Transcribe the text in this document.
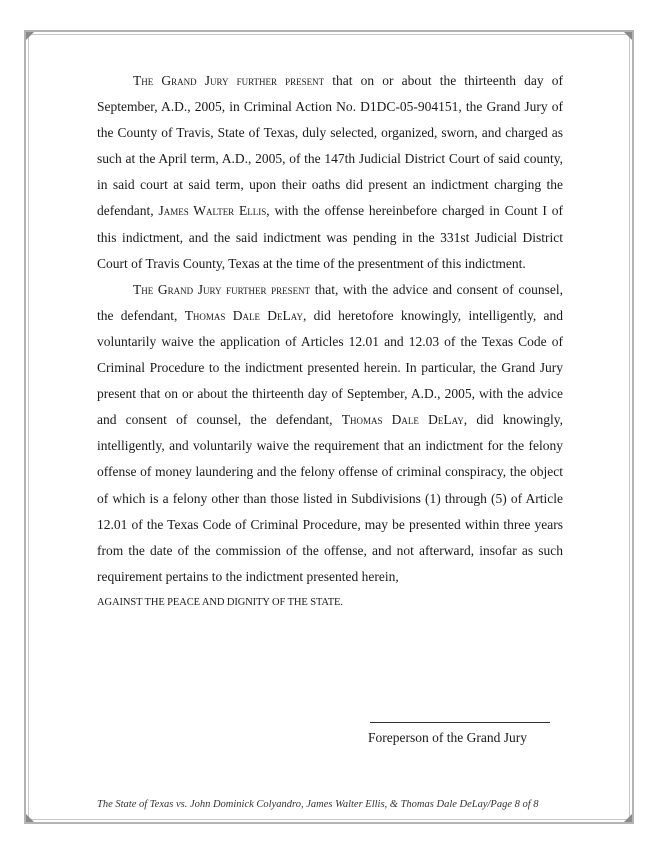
The Grand Jury further present that on or about the thirteenth day of September, A.D., 2005, in Criminal Action No. D1DC-05-904151, the Grand Jury of the County of Travis, State of Texas, duly selected, organized, sworn, and charged as such at the April term, A.D., 2005, of the 147th Judicial District Court of said county, in said court at said term, upon their oaths did present an indictment charging the defendant, James Walter Ellis, with the offense hereinbefore charged in Count I of this indictment, and the said indictment was pending in the 331st Judicial District Court of Travis County, Texas at the time of the presentment of this indictment.

The Grand Jury further present that, with the advice and consent of counsel, the defendant, Thomas Dale DeLay, did heretofore knowingly, intelligently, and voluntarily waive the application of Articles 12.01 and 12.03 of the Texas Code of Criminal Procedure to the indictment presented herein. In particular, the Grand Jury present that on or about the thirteenth day of September, A.D., 2005, with the advice and consent of counsel, the defendant, Thomas Dale DeLay, did knowingly, intelligently, and voluntarily waive the requirement that an indictment for the felony offense of money laundering and the felony offense of criminal conspiracy, the object of which is a felony other than those listed in Subdivisions (1) through (5) of Article 12.01 of the Texas Code of Criminal Procedure, may be presented within three years from the date of the commission of the offense, and not afterward, insofar as such requirement pertains to the indictment presented herein,

AGAINST THE PEACE AND DIGNITY OF THE STATE.

Foreperson of the Grand Jury
The State of Texas vs. John Dominick Colyandro, James Walter Ellis, & Thomas Dale DeLay/Page 8 of 8
